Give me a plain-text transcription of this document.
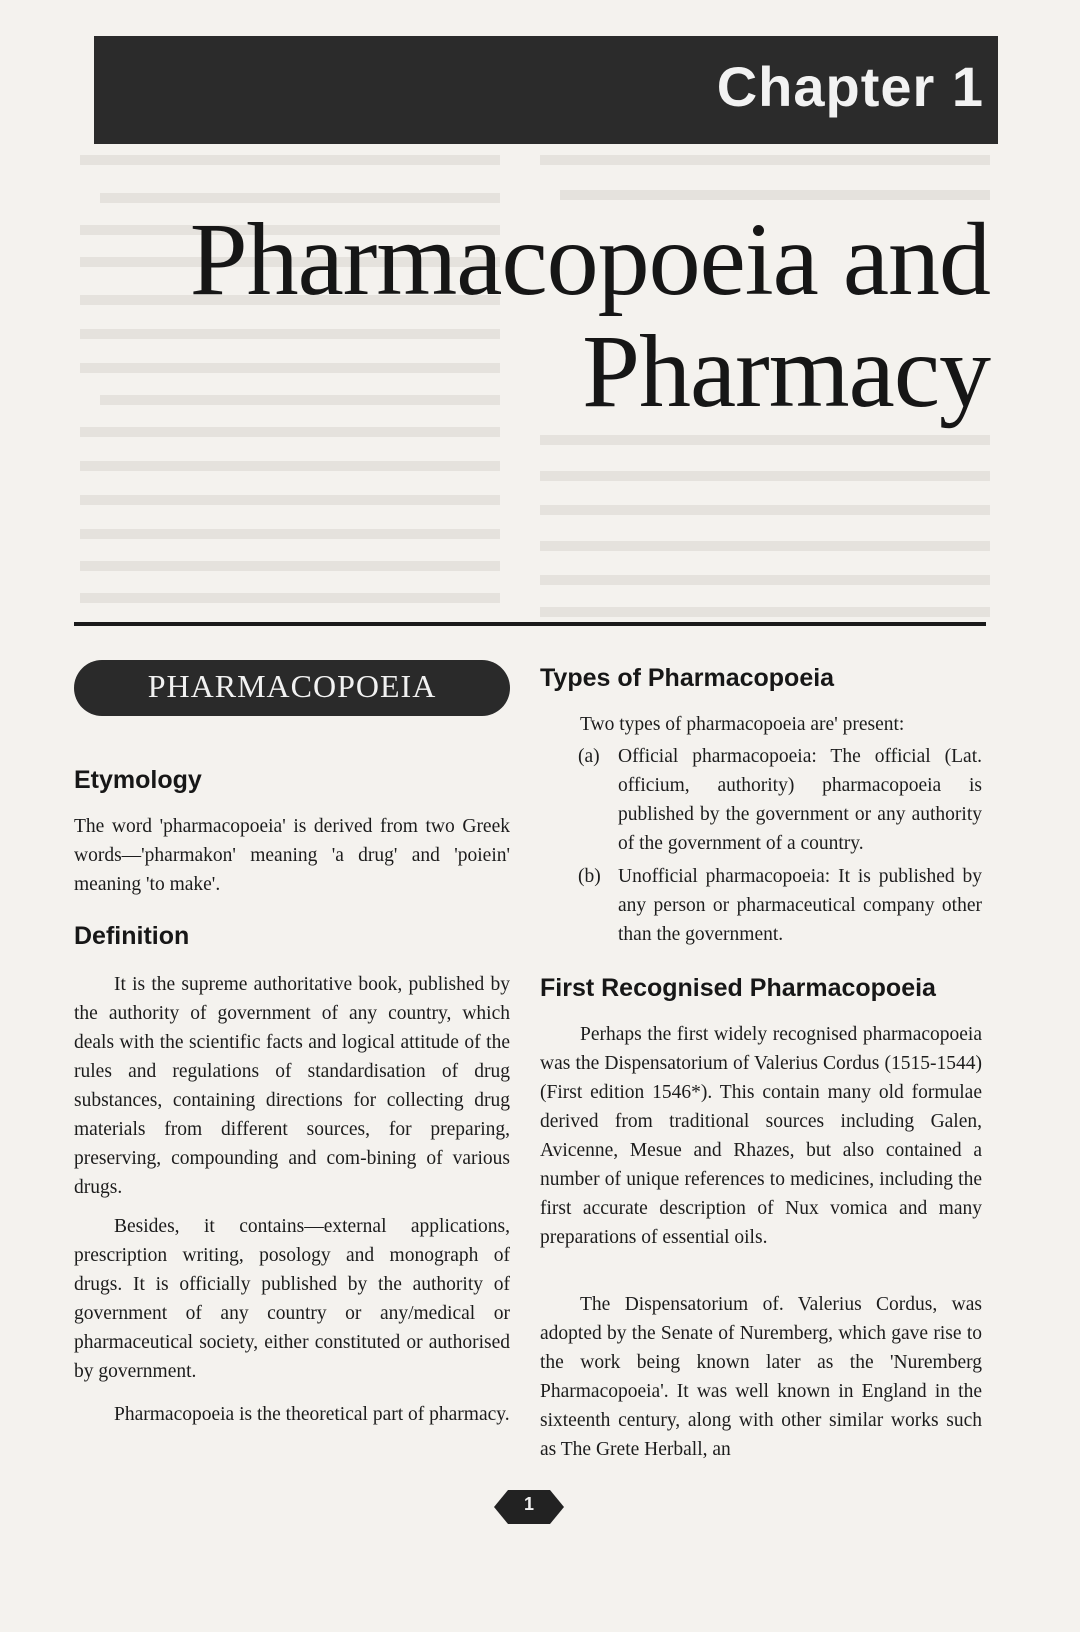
Chapter 1
Pharmacopoeia and
Pharmacy
PHARMACOPOEIA
Etymology
The word 'pharmacopoeia' is derived from two Greek words—'pharmakon' meaning 'a drug' and 'poiein' meaning 'to make'.
Definition
It is the supreme authoritative book, published by the authority of government of any country, which deals with the scientific facts and logical attitude of the rules and regulations of standardisation of drug substances, containing directions for collecting drug materials from different sources, for preparing, preserving, compounding and com-bining of various drugs.
Besides, it contains—external applications, prescription writing, posology and monograph of drugs. It is officially published by the authority of government of any country or any/medical or pharmaceutical society, either constituted or authorised by government.
Pharmacopoeia is the theoretical part of pharmacy.
Types of Pharmacopoeia
Two types of pharmacopoeia are' present:
(a) Official pharmacopoeia: The official (Lat. officium, authority) pharmacopoeia is published by the government or any authority of the government of a country.
(b) Unofficial pharmacopoeia: It is published by any person or pharmaceutical company other than the government.
First Recognised Pharmacopoeia
Perhaps the first widely recognised pharmacopoeia was the Dispensatorium of Valerius Cordus (1515-1544) (First edition 1546*). This contain many old formulae derived from traditional sources including Galen, Avicenne, Mesue and Rhazes, but also contained a number of unique references to medicines, including the first accurate description of Nux vomica and many preparations of essential oils.
The Dispensatorium of. Valerius Cordus, was adopted by the Senate of Nuremberg, which gave rise to the work being known later as the 'Nuremberg Pharmacopoeia'. It was well known in England in the sixteenth century, along with other similar works such as The Grete Herball, an
1
